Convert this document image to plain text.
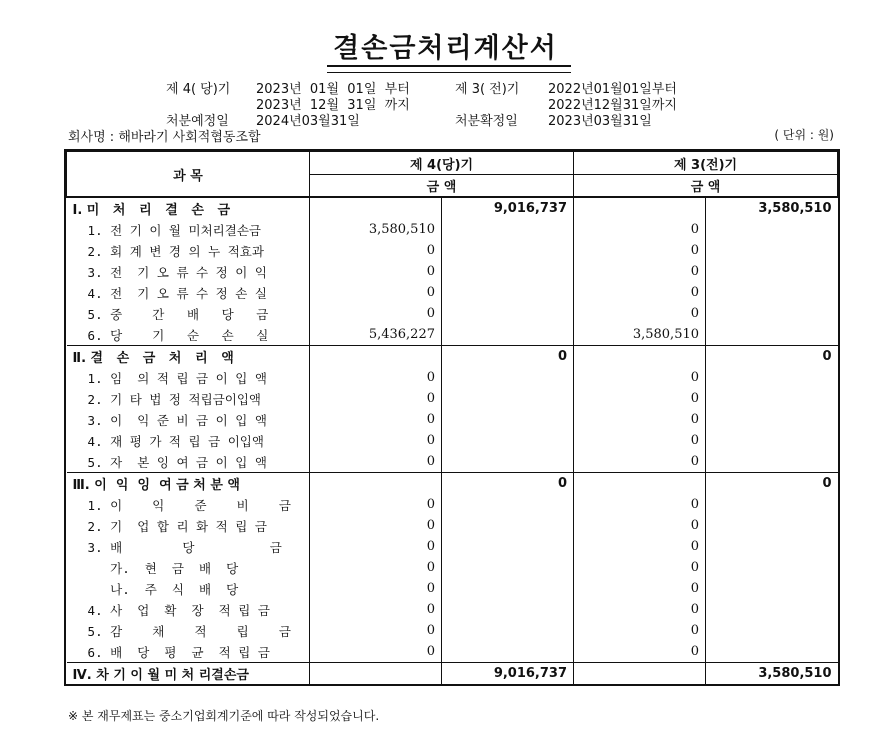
결손금처리계산서
제 4( 당)기 2023년  01월  01일  부터
2023년  12월  31일  까지
제 3( 전)기 2022년01월01일부터
2022년12월31일까지
처분예정일 2024년03월31일	처분확정일 2023년03월31일
회사명 : 해바라기 사회적협동조합	( 단위 : 원)
과 목	제 4(당)기		제 3(전)기	
	금 액		금 액	
Ⅰ. 미   처   리   결   손   금		9,016,737		3,580,510
1. 전 기 이 월 미처리결손금	3,580,510		0	
2. 회 계 변 경 의 누 적효과	0		0	
3. 전  기 오 류 수 정 이 익	0		0	
4. 전  기 오 류 수 정 손 실	0		0	
5. 중    간   배   당   금	0		0	
6. 당    기   순   손   실	5,436,227		3,580,510	
Ⅱ. 결   손   금   처   리   액		0		0
1. 임  의 적 립 금 이 입 액	0		0	
2. 기 타 법 정 적립금이입액	0		0	
3. 이  익 준 비 금 이 입 액	0		0	
4. 재 평 가 적 립 금 이입액	0		0	
5. 자  본 잉 여 금 이 입 액	0		0	
Ⅲ. 이  익  잉  여 금 처 분 액		0		0
1. 이    익    준    비    금	0		0	
2. 기  업 합 리 화 적 립 금	0		0	
3. 배        당          금	0		0	
가.  현  금  배  당	0		0	
나.  주  식  배  당	0		0	
4. 사  업  확  장  적 립 금	0		0	
5. 감    채    적    립    금	0		0	
6. 배  당  평  균  적 립 금	0		0	
Ⅳ. 차 기 이 월 미 처 리결손금		9,016,737		3,580,510
※ 본 재무제표는 중소기업회계기준에 따라 작성되었습니다.
